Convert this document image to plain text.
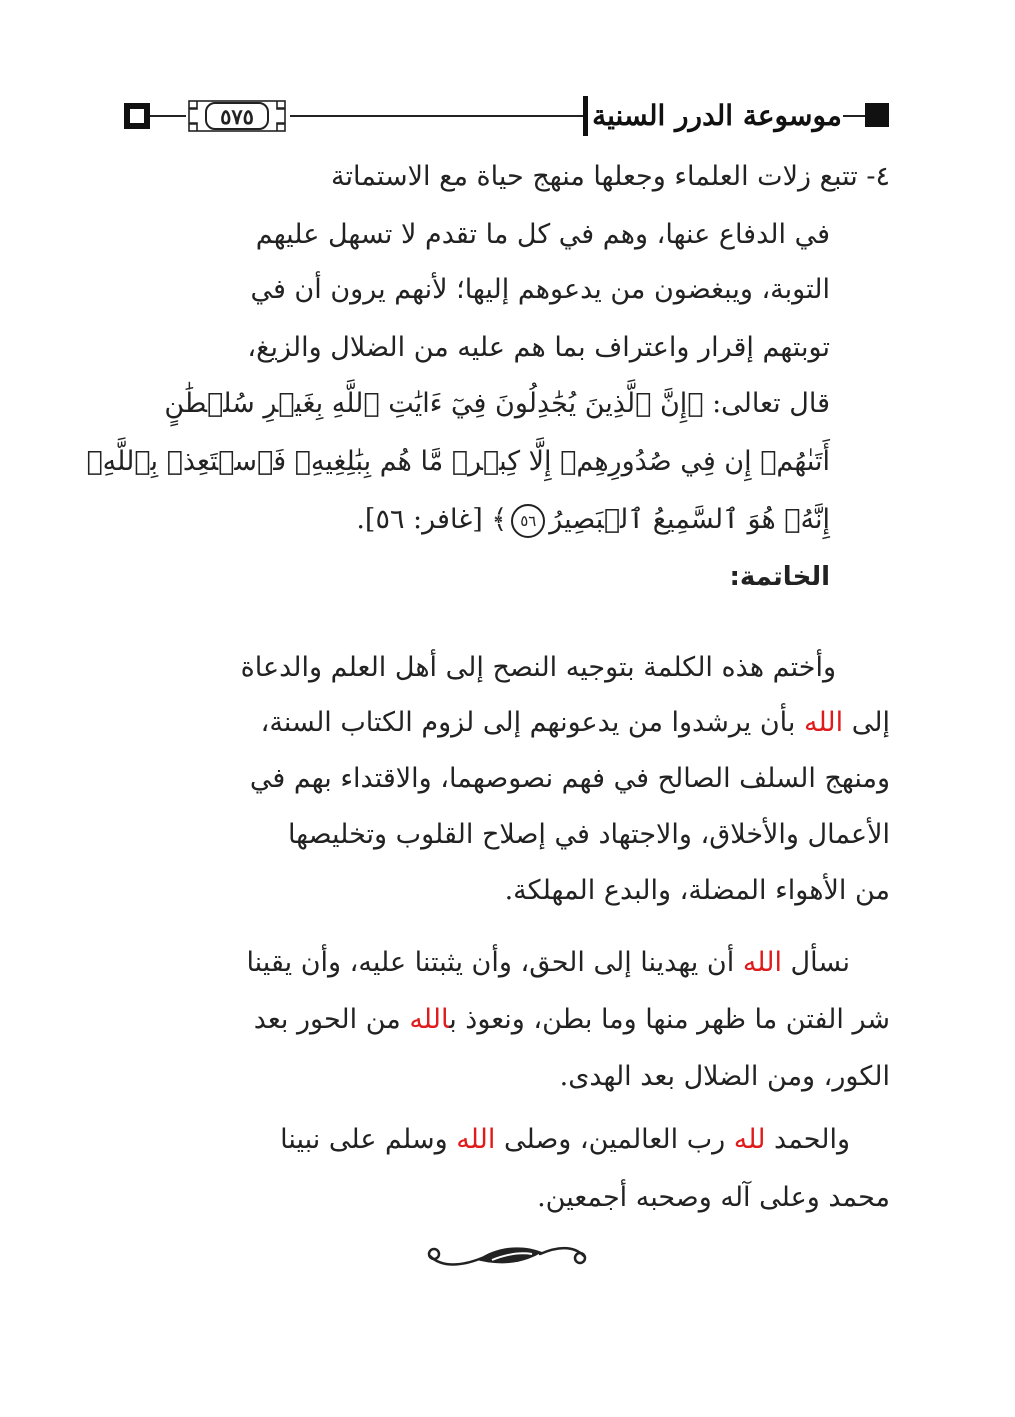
موسوعة الدرر السنية
٥٧٥
٤- تتبع زلات العلماء وجعلها منهج حياة مع الاستماتة
في الدفاع عنها، وهم في كل ما تقدم لا تسهل عليهم
التوبة، ويبغضون من يدعوهم إليها؛ لأنهم يرون أن في
توبتهم إقرار واعتراف بما هم عليه من الضلال والزيغ،
قال تعالى: ﴿إِنَّ ٱلَّذِينَ يُجَٰدِلُونَ فِيٓ ءَايَٰتِ ٱللَّهِ بِغَيۡرِ سُلۡطَٰنٍ
أَتَىٰهُمۡ إِن فِي صُدُورِهِمۡ إِلَّا كِبۡرٞ مَّا هُم بِبَٰلِغِيهِۚ فَٱسۡتَعِذۡ بِٱللَّهِۖ
إِنَّهُۥ هُوَ ٱلسَّمِيعُ ٱلۡبَصِيرُ٥٦﴾ [غافر: ٥٦].
الخاتمة:
وأختم هذه الكلمة بتوجيه النصح إلى أهل العلم والدعاة
إلى الله بأن يرشدوا من يدعونهم إلى لزوم الكتاب السنة،
ومنهج السلف الصالح في فهم نصوصهما، والاقتداء بهم في
الأعمال والأخلاق، والاجتهاد في إصلاح القلوب وتخليصها
من الأهواء المضلة، والبدع المهلكة.
نسأل الله أن يهدينا إلى الحق، وأن يثبتنا عليه، وأن يقينا
شر الفتن ما ظهر منها وما بطن، ونعوذ بالله من الحور بعد
الكور، ومن الضلال بعد الهدى.
والحمد لله رب العالمين، وصلى الله وسلم على نبينا
محمد وعلى آله وصحبه أجمعين.
